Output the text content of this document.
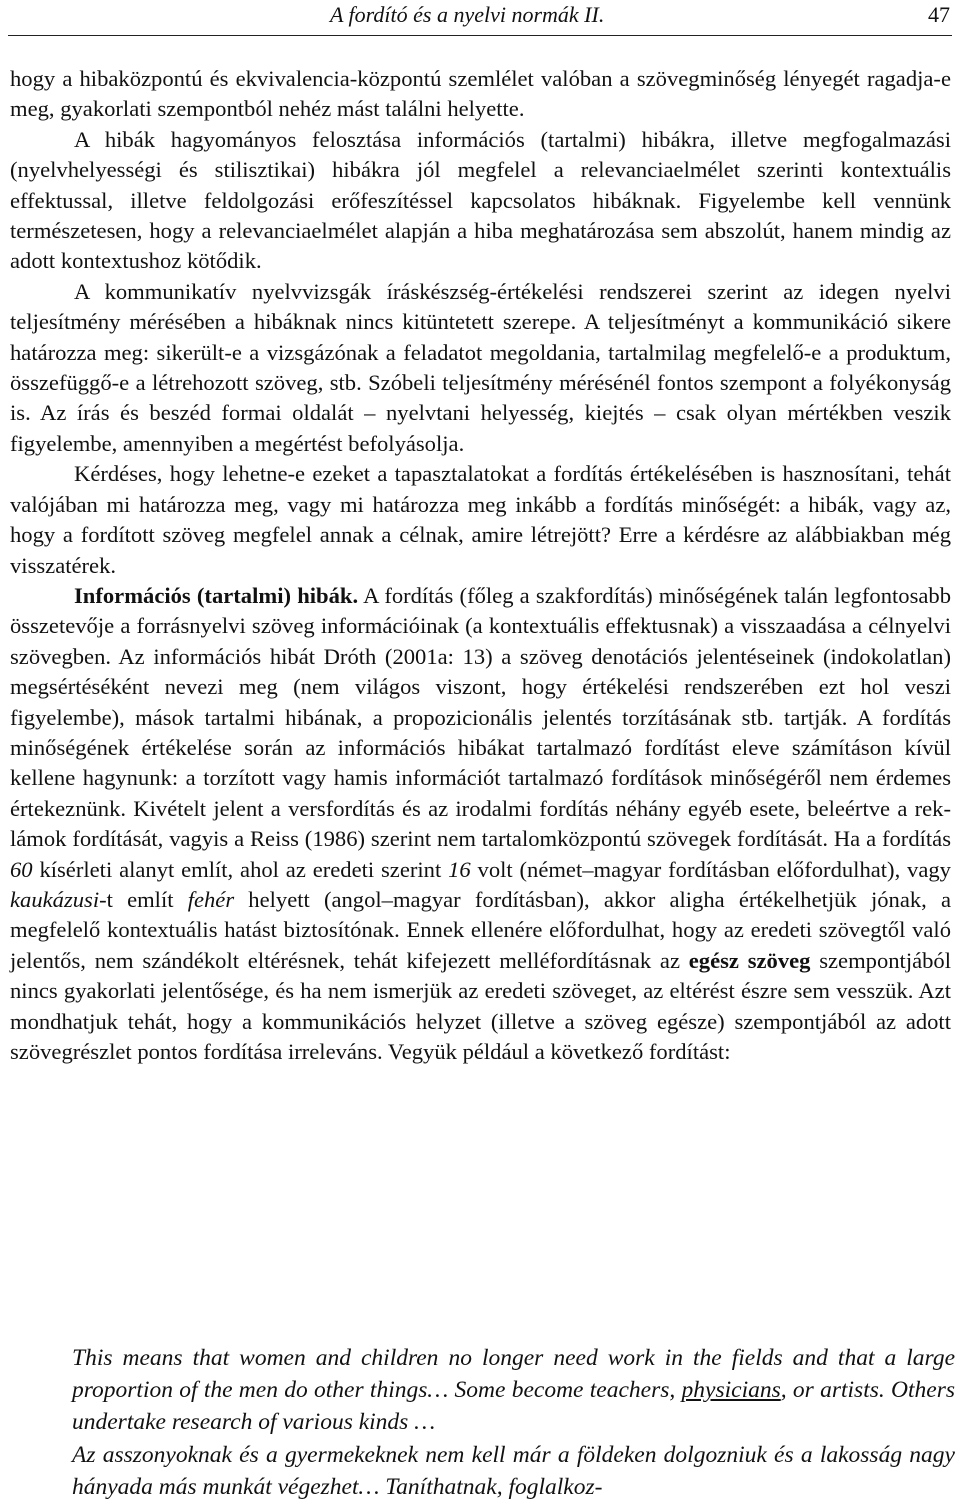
A fordító és a nyelvi normák II.	47

hogy a hibaközpontú és ekvivalencia-központú szemlélet valóban a szövegminőség lényegét ragadja-e meg, gyakorlati szempontból nehéz mást találni helyette.

A hibák hagyományos felosztása információs (tartalmi) hibákra, illetve megfogalmazási (nyelvhelyességi és stilisztikai) hibákra jól megfelel a relevanciaelmélet szerinti kontextuális effektussal, illetve feldolgozási erőfeszítéssel kapcsolatos hibáknak. Figyelembe kell vennünk természetesen, hogy a relevanciaelmélet alapján a hiba meghatározása sem abszolút, hanem mindig az adott kontextushoz kötődik.

A kommunikatív nyelvvizsgák íráskészség-értékelési rendszerei szerint az idegen nyelvi teljesítmény mérésében a hibáknak nincs kitüntetett szerepe. A teljesítményt a kommunikáció sikere határozza meg: sikerült-e a vizsgázónak a feladatot megoldania, tartalmilag megfelelő-e a produktum, összefüggő-e a létrehozott szöveg, stb. Szóbeli teljesítmény mérésénél fontos szempont a folyékonyság is. Az írás és beszéd formai oldalát – nyelvtani helyesség, kiejtés – csak olyan mértékben veszik figyelembe, amennyiben a megértést befolyásolja.

Kérdéses, hogy lehetne-e ezeket a tapasztalatokat a fordítás értékelésében is hasznosítani, tehát valójában mi határozza meg, vagy mi határozza meg inkább a fordítás minőségét: a hibák, vagy az, hogy a fordított szöveg megfelel annak a célnak, amire létrejött? Erre a kérdésre az alábbiakban még visszatérek.

Információs (tartalmi) hibák. A fordítás (főleg a szakfordítás) minőségének talán legfontosabb összetevője a forrásnyelvi szöveg információinak (a kontextuális effektusnak) a visszaadása a célnyelvi szövegben. Az információs hibát Dróth (2001a: 13) a szöveg denotációs jelentéseinek (indokolatlan) megsértéséként nevezi meg (nem világos viszont, hogy értékelési rendszerében ezt hol veszi figyelembe), mások tartalmi hibának, a propozicionális jelentés torzításának stb. tartják. A fordítás minőségének értékelése során az információs hibákat tartalmazó fordítást eleve számításon kívül kellene hagynunk: a torzított vagy hamis információt tartalmazó fordítások minőségéről nem érdemes értekeznünk. Kivételt jelent a versfordítás és az irodalmi fordítás néhány egyéb esete, beleértve a reklámok fordítását, vagyis a Reiss (1986) szerint nem tartalomközpontú szövegek fordítását. Ha a fordítás 60 kísérleti alanyt említ, ahol az eredeti szerint 16 volt (német–magyar fordításban előfordulhat), vagy kaukázusi-t említ fehér helyett (angol–magyar fordításban), akkor aligha értékelhetjük jónak, a megfelelő kontextuális hatást biztosítónak. Ennek ellenére előfordulhat, hogy az eredeti szövegtől való jelentős, nem szándékolt eltérésnek, tehát kifejezett melléfordításnak az egész szöveg szempontjából nincs gyakorlati jelentősége, és ha nem ismerjük az eredeti szöveget, az eltérést észre sem vesszük. Azt mondhatjuk tehát, hogy a kommunikációs helyzet (illetve a szöveg egésze) szempontjából az adott szövegrészlet pontos fordítása irreleváns. Vegyük például a következő fordítást:

This means that women and children no longer need work in the fields and that a large proportion of the men do other things… Some become teachers, physicians, or artists. Others undertake research of various kinds …

Az asszonyoknak és a gyermekeknek nem kell már a földeken dolgozniuk és a lakosság nagy hányada más munkát végezhet… Taníthatnak, foglalkoz-
